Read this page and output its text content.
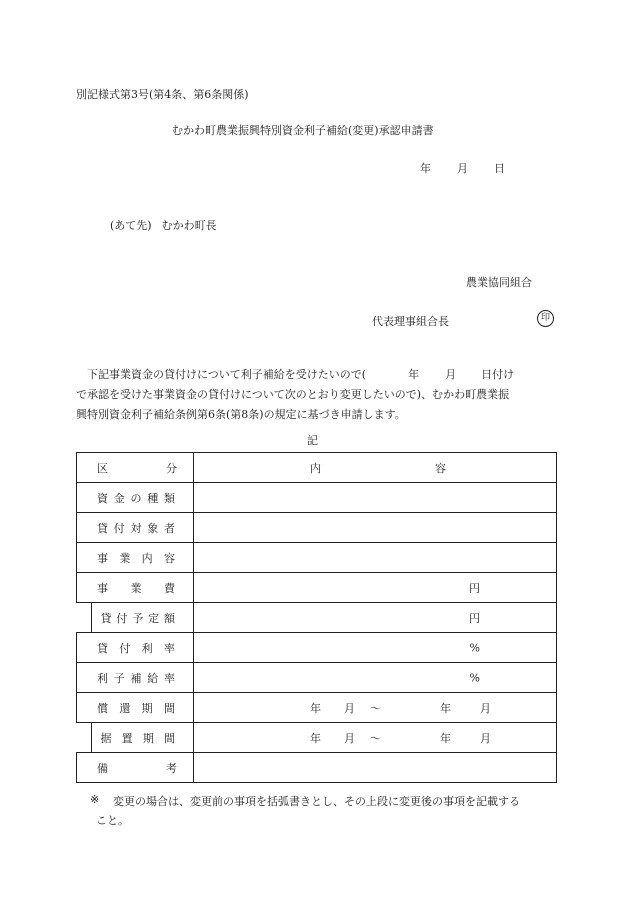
別記様式第3号(第4条、第6条関係)
むかわ町農業振興特別資金利子補給(変更)承認申請書
年 月 日
(あて先) むかわ町長
農業協同組合
代表理事組合長	印
下記事業資金の貸付けについて利子補給を受けたいので(	年 月 日付け
で承認を受けた事業資金の貸付けについて次のとおり変更したいので)、むかわ町農業振
興特別資金利子補給条例第6条(第8条)の規定に基づき申請します。
記
区分	内容

資金の種類	

貸付対象者	

事業内容	

事業費	円

貸付予定額	円

貸付利率	%

利子補給率	%

償還期間	年 月 〜 年 月

据置期間	年 月 〜 年 月

備考	

※ 変更の場合は、変更前の事項を括弧書きとし、その上段に変更後の事項を記載する
こと。
